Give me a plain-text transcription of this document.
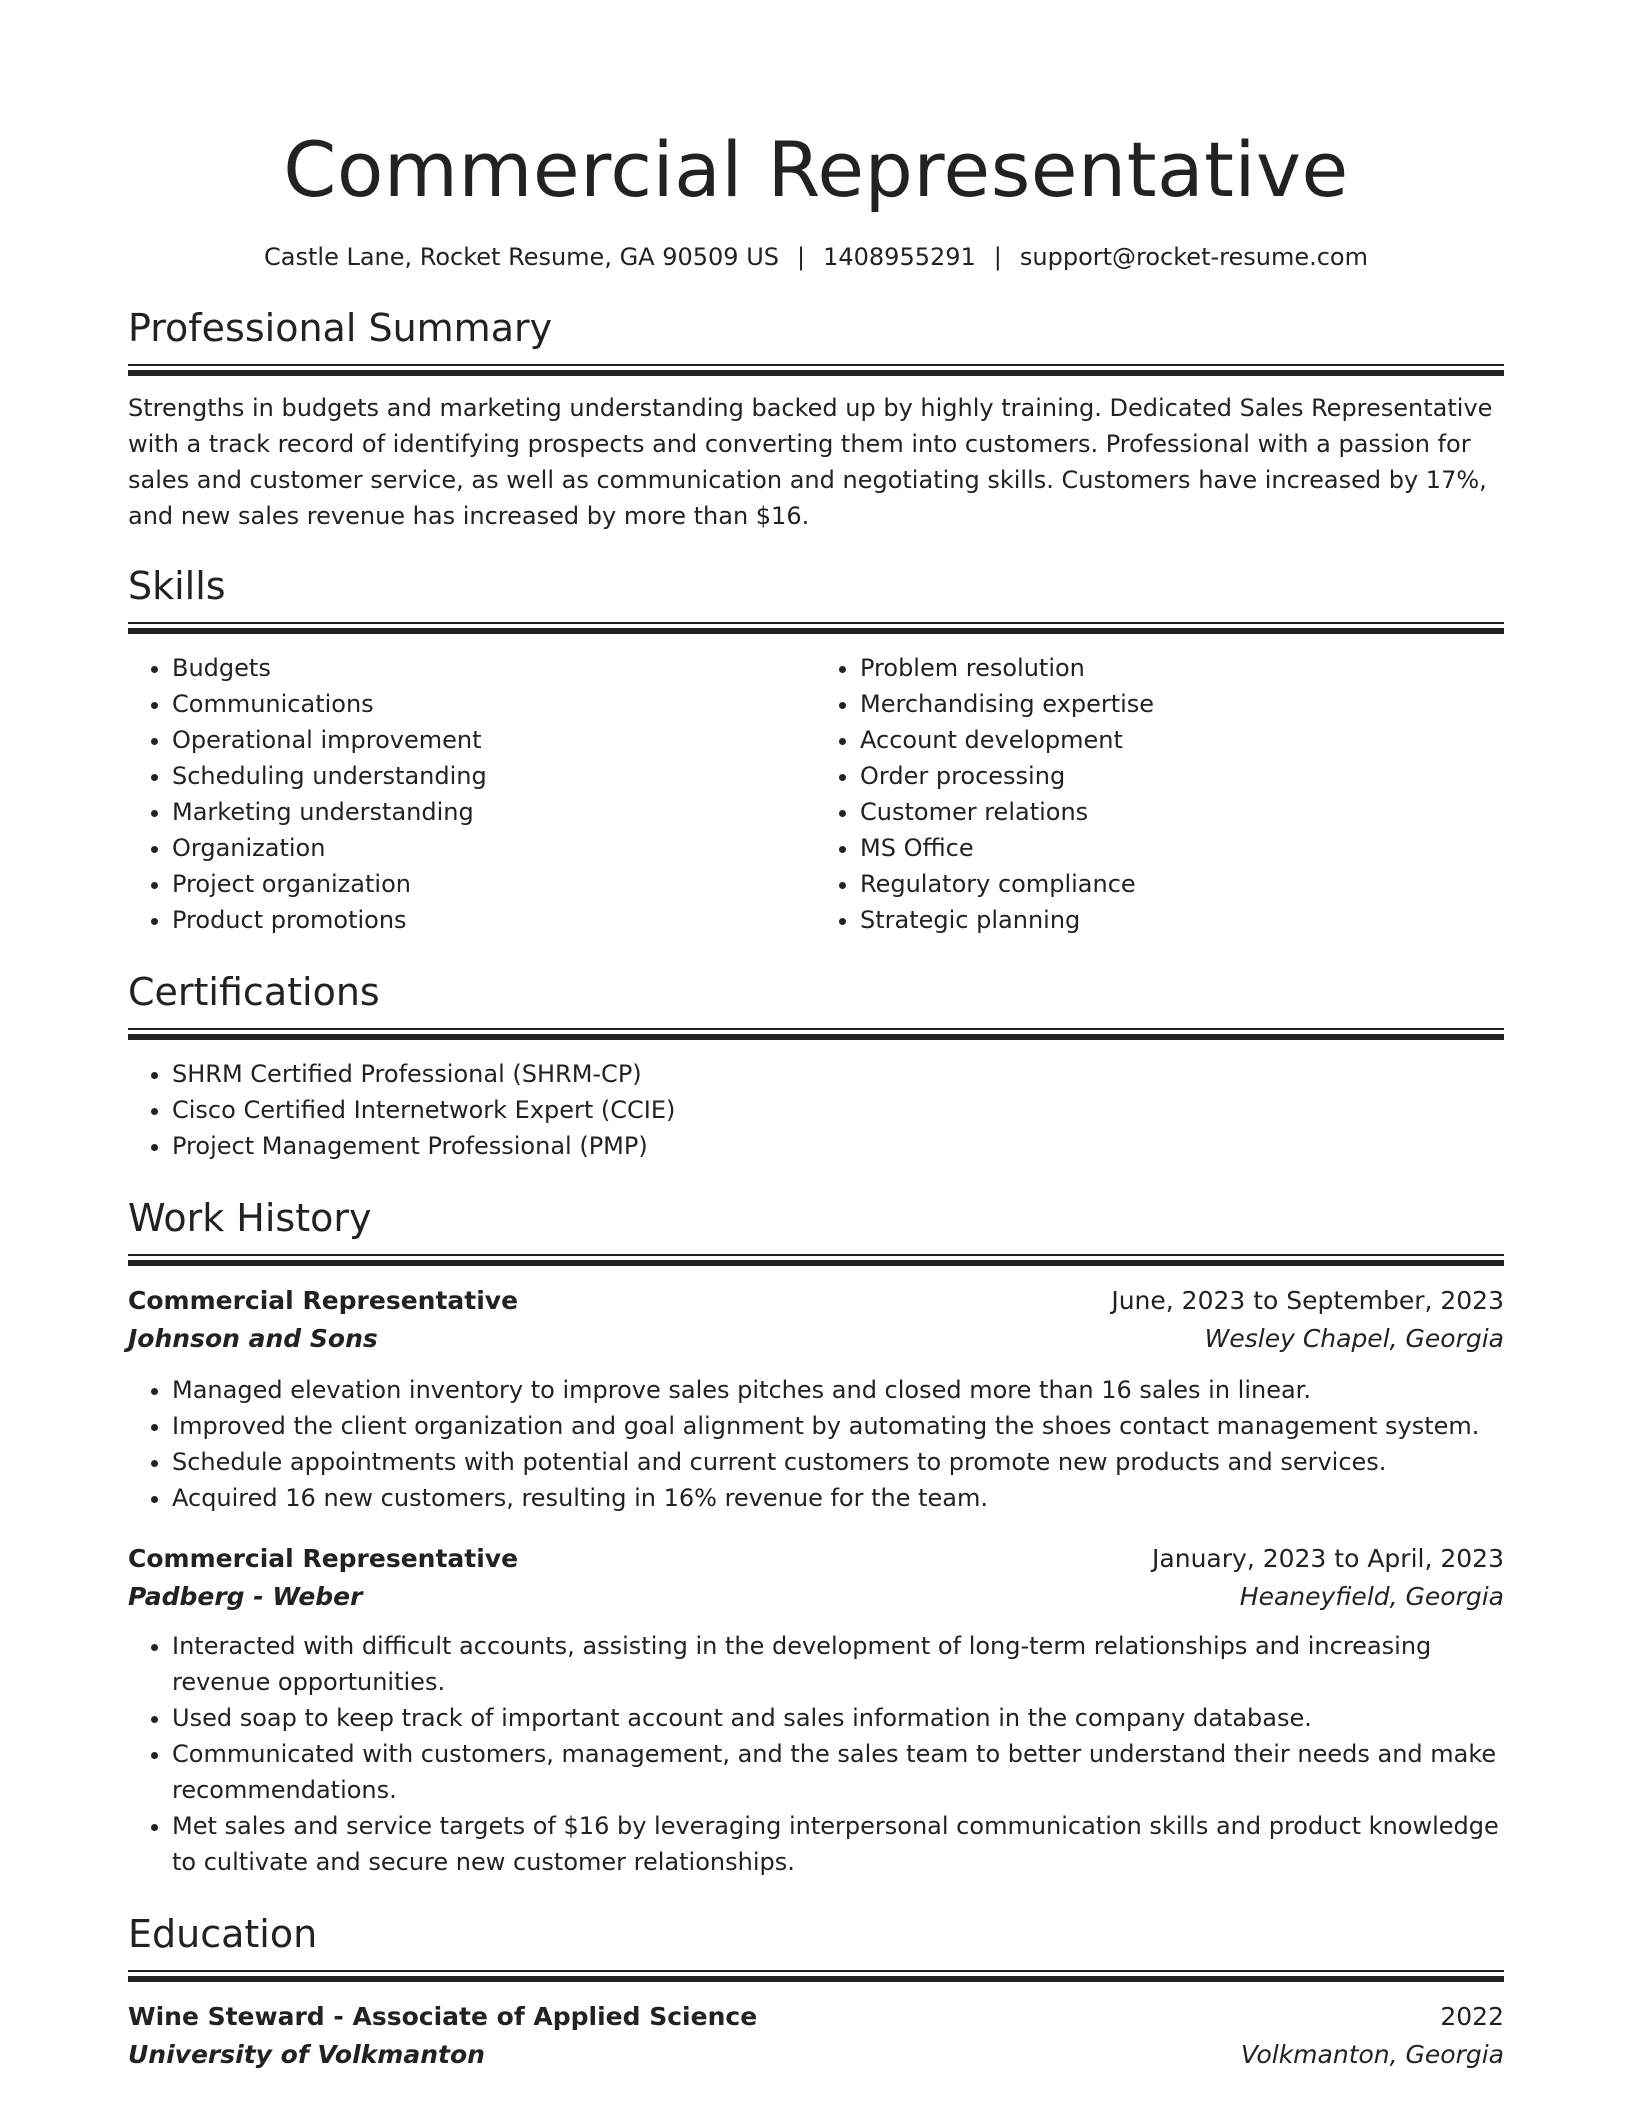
Commercial Representative
Castle Lane, Rocket Resume, GA 90509 US | 1408955291 | support@rocket-resume.com
Professional Summary
Strengths in budgets and marketing understanding backed up by highly training. Dedicated Sales Representative with a track record of identifying prospects and converting them into customers. Professional with a passion for sales and customer service, as well as communication and negotiating skills. Customers have increased by 17%, and new sales revenue has increased by more than $16.
Skills
• Budgets
• Communications
• Operational improvement
• Scheduling understanding
• Marketing understanding
• Organization
• Project organization
• Product promotions
• Problem resolution
• Merchandising expertise
• Account development
• Order processing
• Customer relations
• MS Office
• Regulatory compliance
• Strategic planning
Certifications
• SHRM Certified Professional (SHRM-CP)
• Cisco Certified Internetwork Expert (CCIE)
• Project Management Professional (PMP)
Work History
Commercial Representative	June, 2023 to September, 2023
Johnson and Sons	Wesley Chapel, Georgia
• Managed elevation inventory to improve sales pitches and closed more than 16 sales in linear.
• Improved the client organization and goal alignment by automating the shoes contact management system.
• Schedule appointments with potential and current customers to promote new products and services.
• Acquired 16 new customers, resulting in 16% revenue for the team.
Commercial Representative	January, 2023 to April, 2023
Padberg - Weber	Heaneyfield, Georgia
• Interacted with difficult accounts, assisting in the development of long-term relationships and increasing revenue opportunities.
• Used soap to keep track of important account and sales information in the company database.
• Communicated with customers, management, and the sales team to better understand their needs and make recommendations.
• Met sales and service targets of $16 by leveraging interpersonal communication skills and product knowledge to cultivate and secure new customer relationships.
Education
Wine Steward - Associate of Applied Science	2022
University of Volkmanton	Volkmanton, Georgia
